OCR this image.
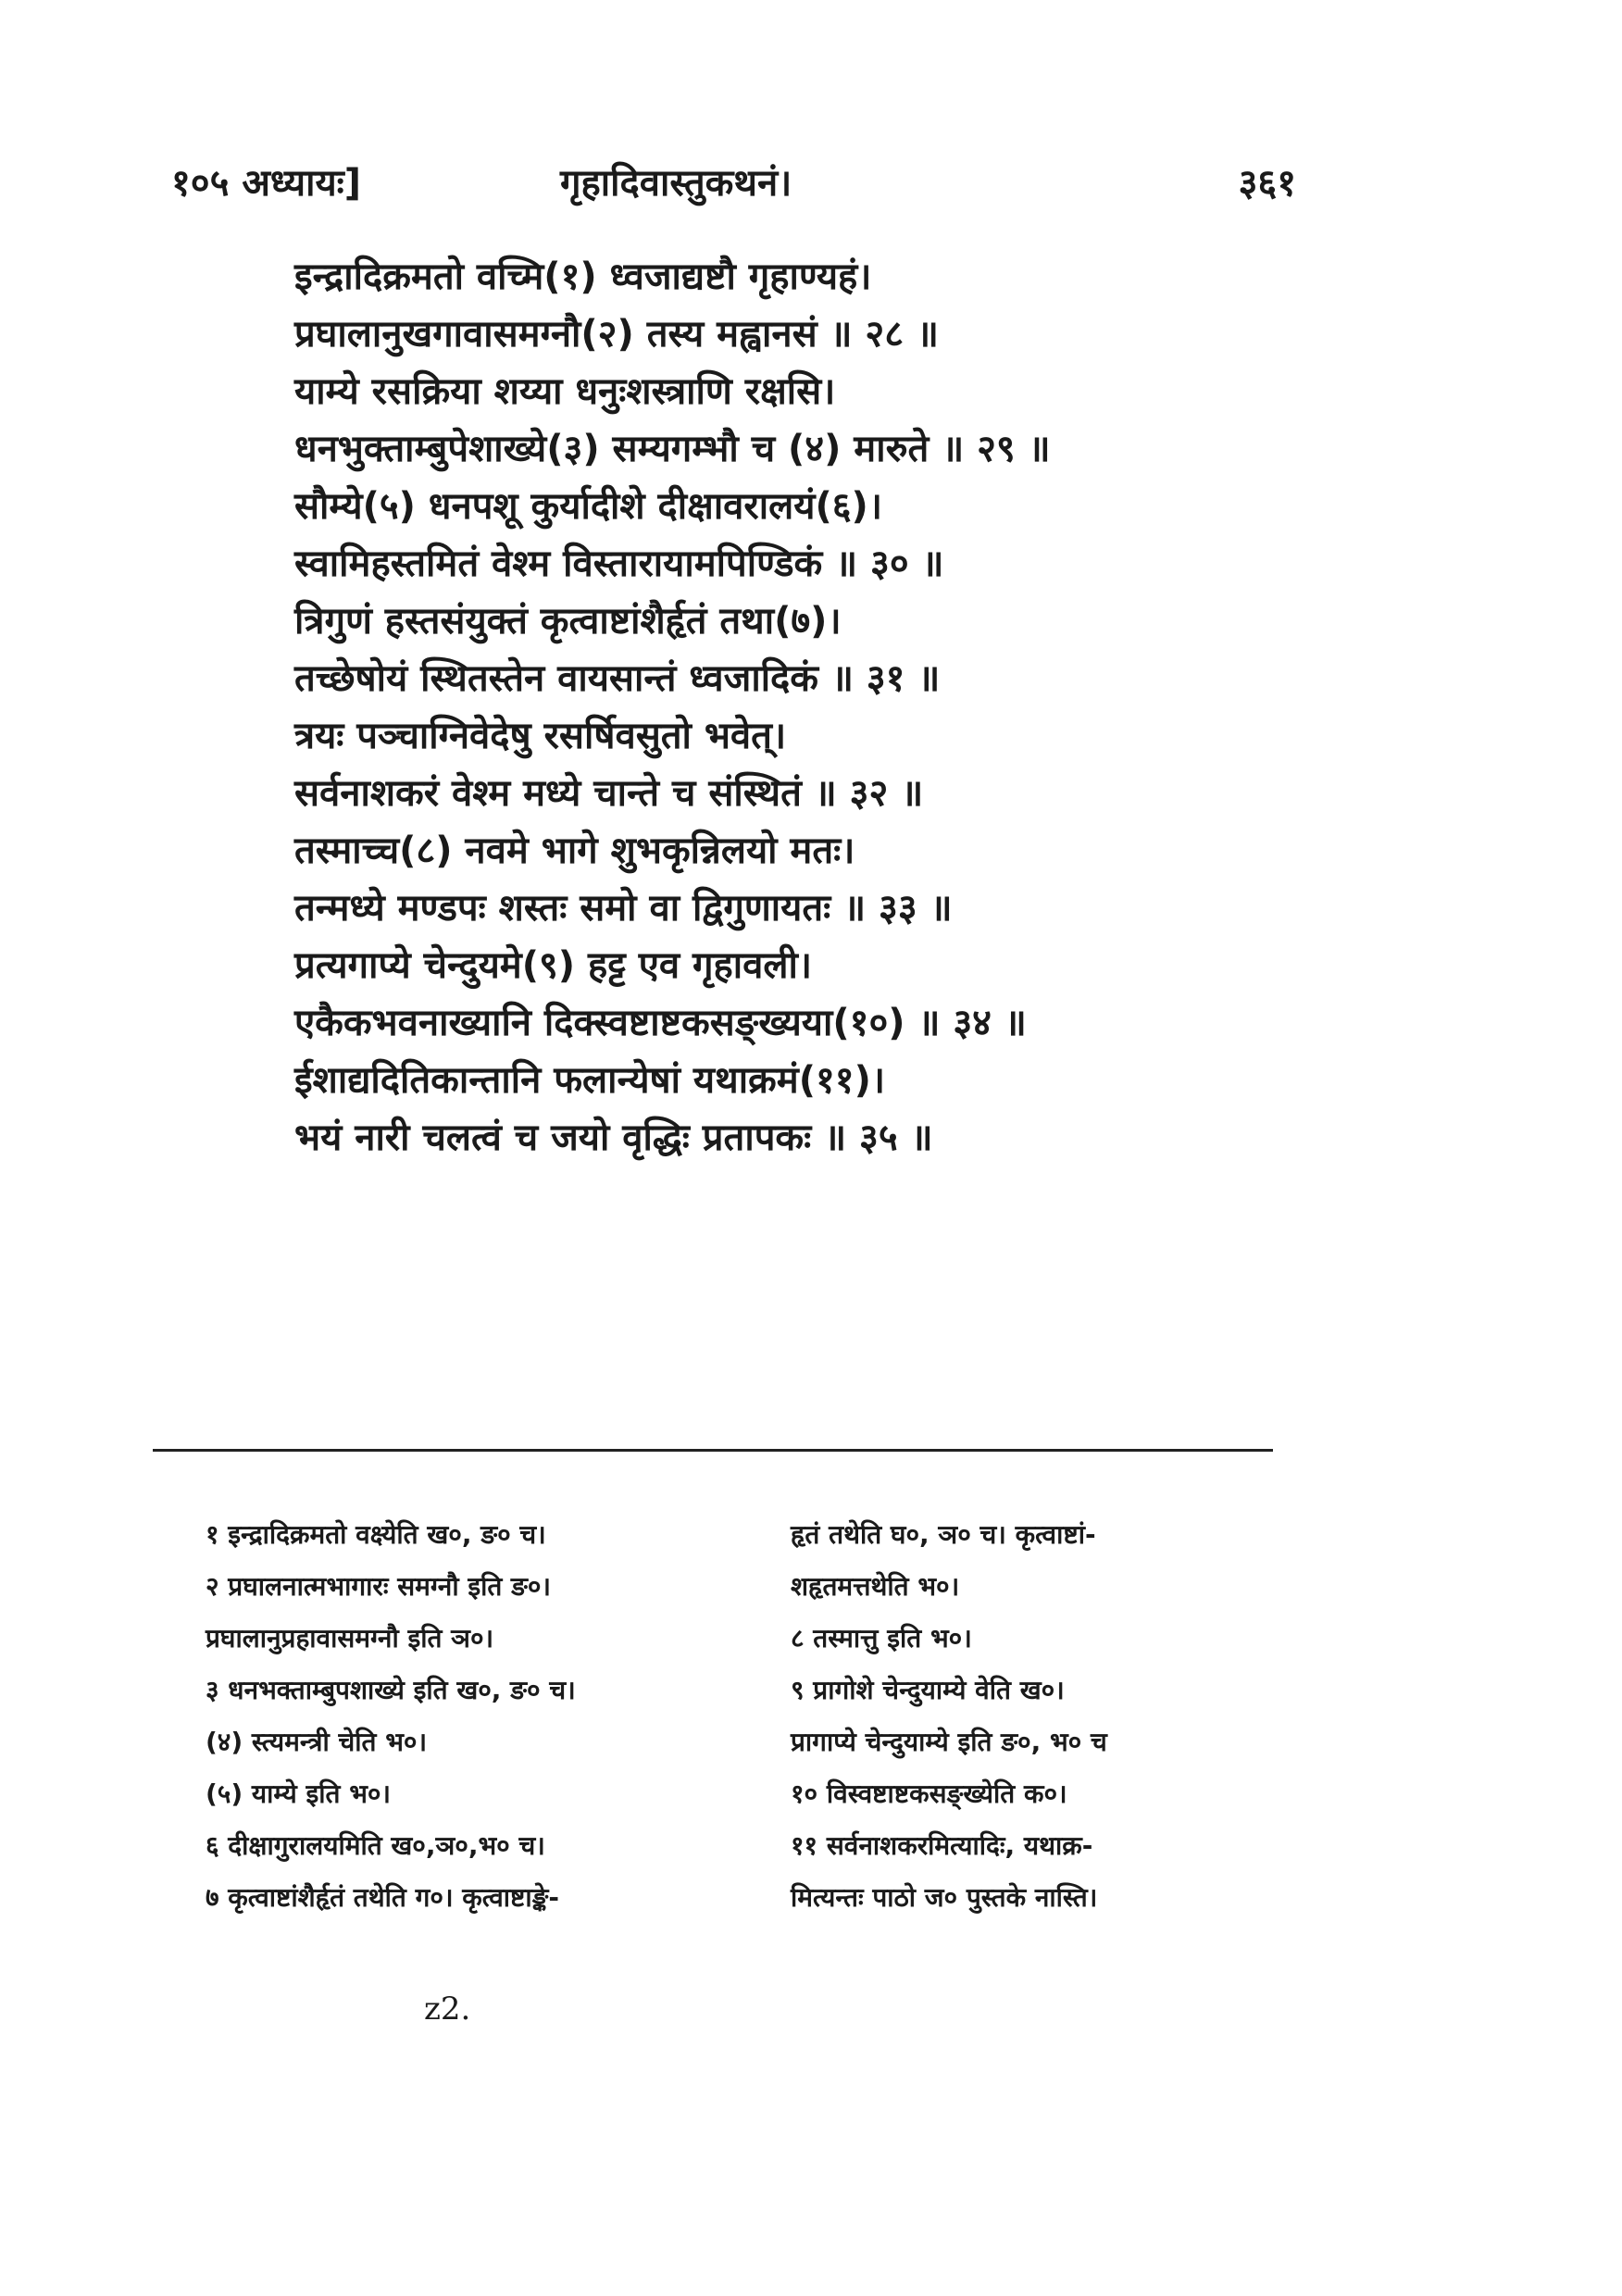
१०५ अध्यायः]	गृहादिवास्तुकथनं।	३६१
इन्द्रादिक्रमतो वच्मि(१) ध्वजाद्यष्टौ गृहाण्यहं।
प्रघालानुखगावासमग्नौ(२) तस्य मह्वानसं ॥ २८ ॥
याम्ये रसक्रिया शय्या धनुःशस्त्राणि रक्षसि।
धनभुक्ताम्बुपेशाख्ये(३) सम्यगम्भौ च (४) मारुते ॥ २९ ॥
सौम्ये(५) धनपशू कुर्यादीशे दीक्षावरालयं(६)।
स्वामिहस्तमितं वेश्म विस्तारायामपिण्डिकं ॥ ३० ॥
त्रिगुणं हस्तसंयुक्तं कृत्वाष्टांशैर्हृतं तथा(७)।
तच्छेषोयं स्थितस्तेन वायसान्तं ध्वजादिकं ॥ ३१ ॥
त्रयः पञ्चाग्निवेदेषु रसर्षिवसुतो भवेत्।
सर्वनाशकरं वेश्म मध्ये चान्ते च संस्थितं ॥ ३२ ॥
तस्माच्च(८) नवमे भागे शुभकृन्निलयो मतः।
तन्मध्ये मण्डपः शस्तः समो वा द्विगुणायतः ॥ ३३ ॥
प्रत्यगाप्ये चेन्दुयमे(९) हट्ट एव गृहावली।
एकैकभवनाख्यानि दिक्स्वष्टाष्टकसङ्ख्यया(१०) ॥ ३४ ॥
ईशाद्यदितिकान्तानि फलान्येषां यथाक्रमं(११)।
भयं नारी चलत्वं च जयो वृद्धिः प्रतापकः ॥ ३५ ॥
१ इन्द्रादिक्रमतो वक्ष्येति ख०, ङ० च।	हृतं तथेति घ०, ञ० च। कृत्वाष्टां-
२ प्रघालनात्मभागारः समग्नौ इति ङ०।	शहृतमत्तथेति भ०।
प्रघालानुप्रहावासमग्नौ इति ञ०।	८ तस्मात्तु इति भ०।
३ धनभक्ताम्बुपशाख्ये इति ख०, ङ० च।	९ प्रागोशे चेन्दुयाम्ये वेति ख०।
(४) स्त्यमन्त्री चेति भ०।	प्रागाप्ये चेन्दुयाम्ये इति ङ०, भ० च
(५) याम्ये इति भ०।	१० विस्वष्टाष्टकसङ्ख्येति क०।
६ दीक्षागुरालयमिति ख०,ञ०,भ० च।	११ सर्वनाशकरमित्यादिः, यथाक्र-
७ कृत्वाष्टांशैर्हृतं तथेति ग०। कृत्वाष्टाङ्के-	मित्यन्तः पाठो ज० पुस्तके नास्ति।
z2.
